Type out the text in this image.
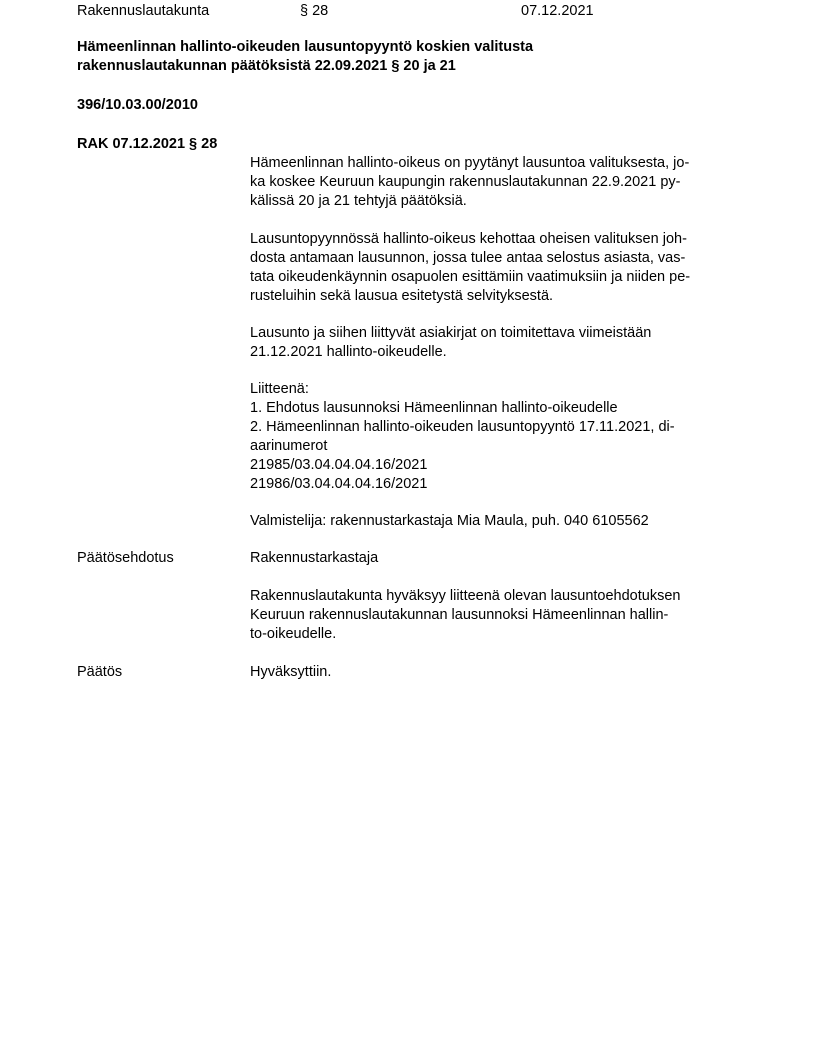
Rakennuslautakunta	§ 28	07.12.2021
Hämeenlinnan hallinto-oikeuden lausuntopyyntö koskien valitusta
rakennuslautakunnan päätöksistä 22.09.2021 § 20 ja 21
396/10.03.00/2010
RAK 07.12.2021 § 28
Hämeenlinnan hallinto-oikeus on pyytänyt lausuntoa valituksesta, jo-
ka koskee Keuruun kaupungin rakennuslautakunnan 22.9.2021 py-
kälissä 20 ja 21 tehtyjä päätöksiä.
Lausuntopyynnössä hallinto-oikeus kehottaa oheisen valituksen joh-
dosta antamaan lausunnon, jossa tulee antaa selostus asiasta, vas-
tata oikeudenkäynnin osapuolen esittämiin vaatimuksiin ja niiden pe-
rusteluihin sekä lausua esitetystä selvityksestä.
Lausunto ja siihen liittyvät asiakirjat on toimitettava viimeistään
21.12.2021 hallinto-oikeudelle.
Liitteenä:
1. Ehdotus lausunnoksi Hämeenlinnan hallinto-oikeudelle
2. Hämeenlinnan hallinto-oikeuden lausuntopyyntö 17.11.2021, di-
aarinumerot
21985/03.04.04.04.16/2021
21986/03.04.04.04.16/2021
Valmistelija: rakennustarkastaja Mia Maula, puh. 040 6105562
Päätösehdotus	Rakennustarkastaja
Rakennuslautakunta hyväksyy liitteenä olevan lausuntoehdotuksen
Keuruun rakennuslautakunnan lausunnoksi Hämeenlinnan hallin-
to-oikeudelle.
Päätös	Hyväksyttiin.
